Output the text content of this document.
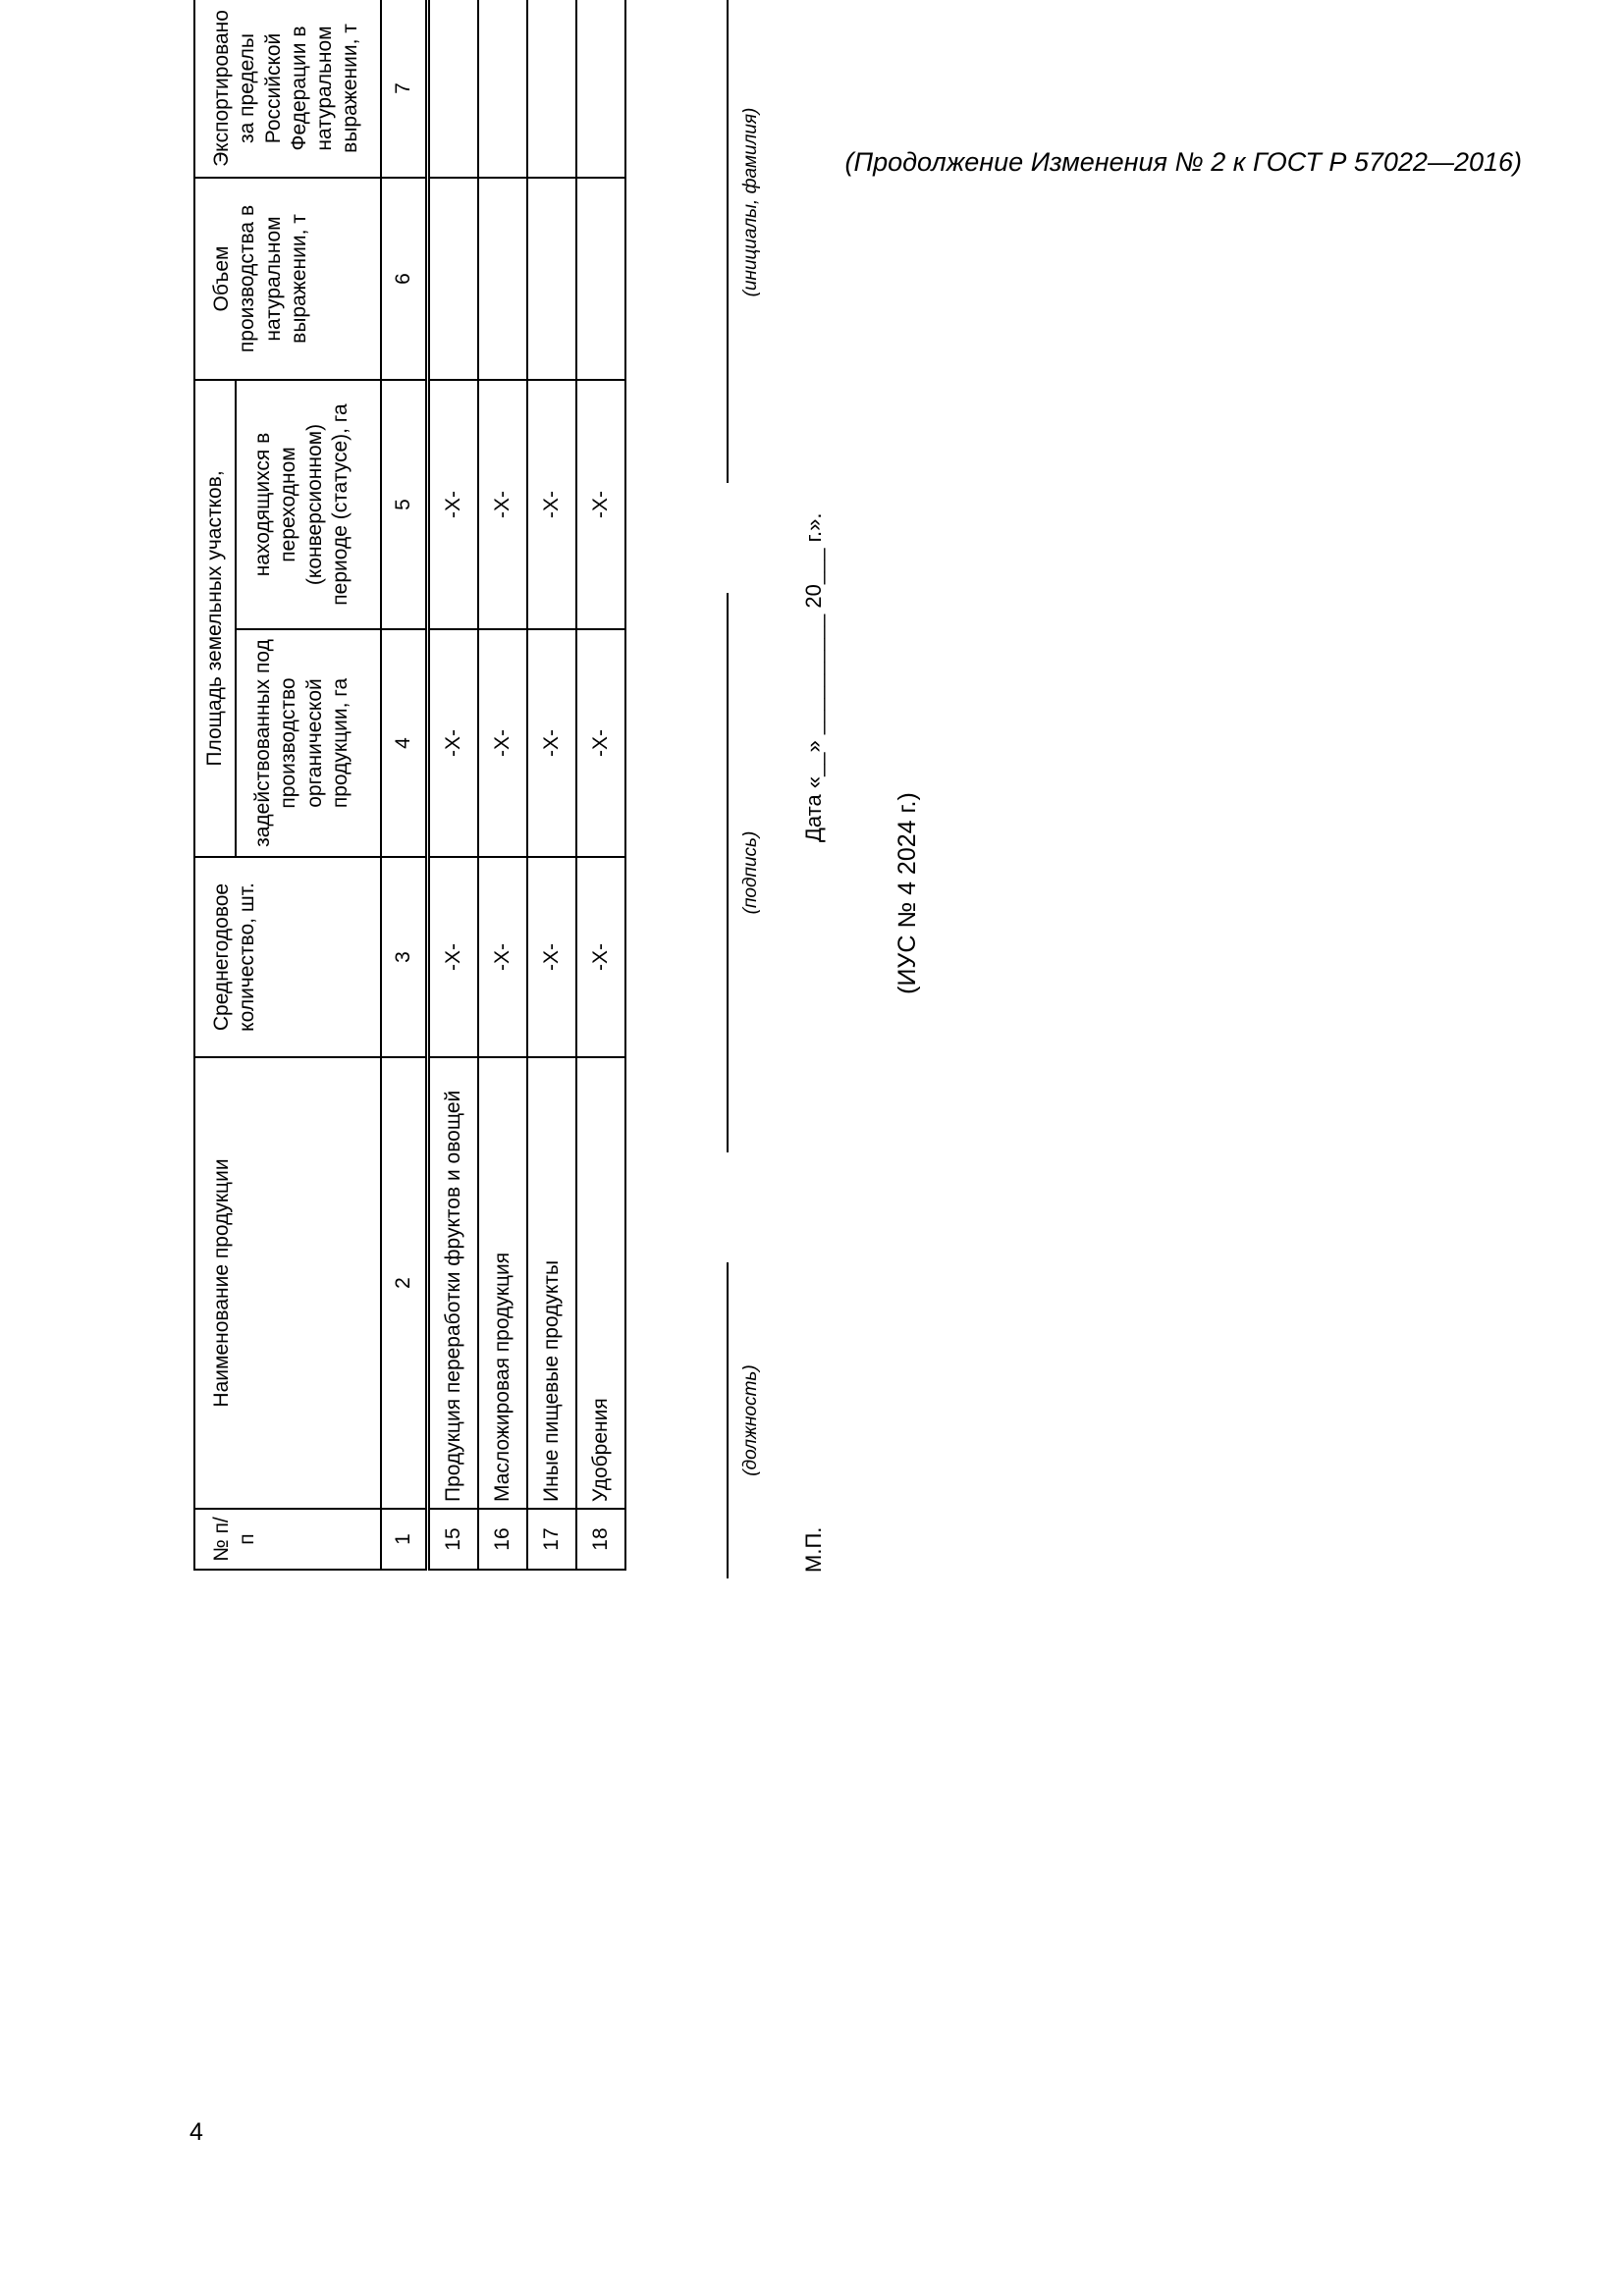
(Продолжение Изменения № 2 к ГОСТ Р 57022—2016)
4
№ п/п	Наименование продукции	Среднегодовое количество, шт.	Площадь земельных участков,		Объем производства в натуральном выражении, т	Экспортировано за пределы Российской Федерации в натуральном выражении, т
			задействованных под производство органической продукции, га	находящихся в переходном (конверсионном) периоде (статусе), га		
1	2	3	4	5	6	7
15	Продукция переработки фруктов и овощей	-X-	-X-	-X-		
16	Масложировая продукция	-X-	-X-	-X-		
17	Иные пищевые продукты	-X-	-X-	-X-		
18	Удобрения	-X-	-X-	-X-		
(должность)
(подпись)
(инициалы, фамилия)
М.П.
Дата «__» __________ 20___ г.».
(ИУС № 4 2024 г.)
